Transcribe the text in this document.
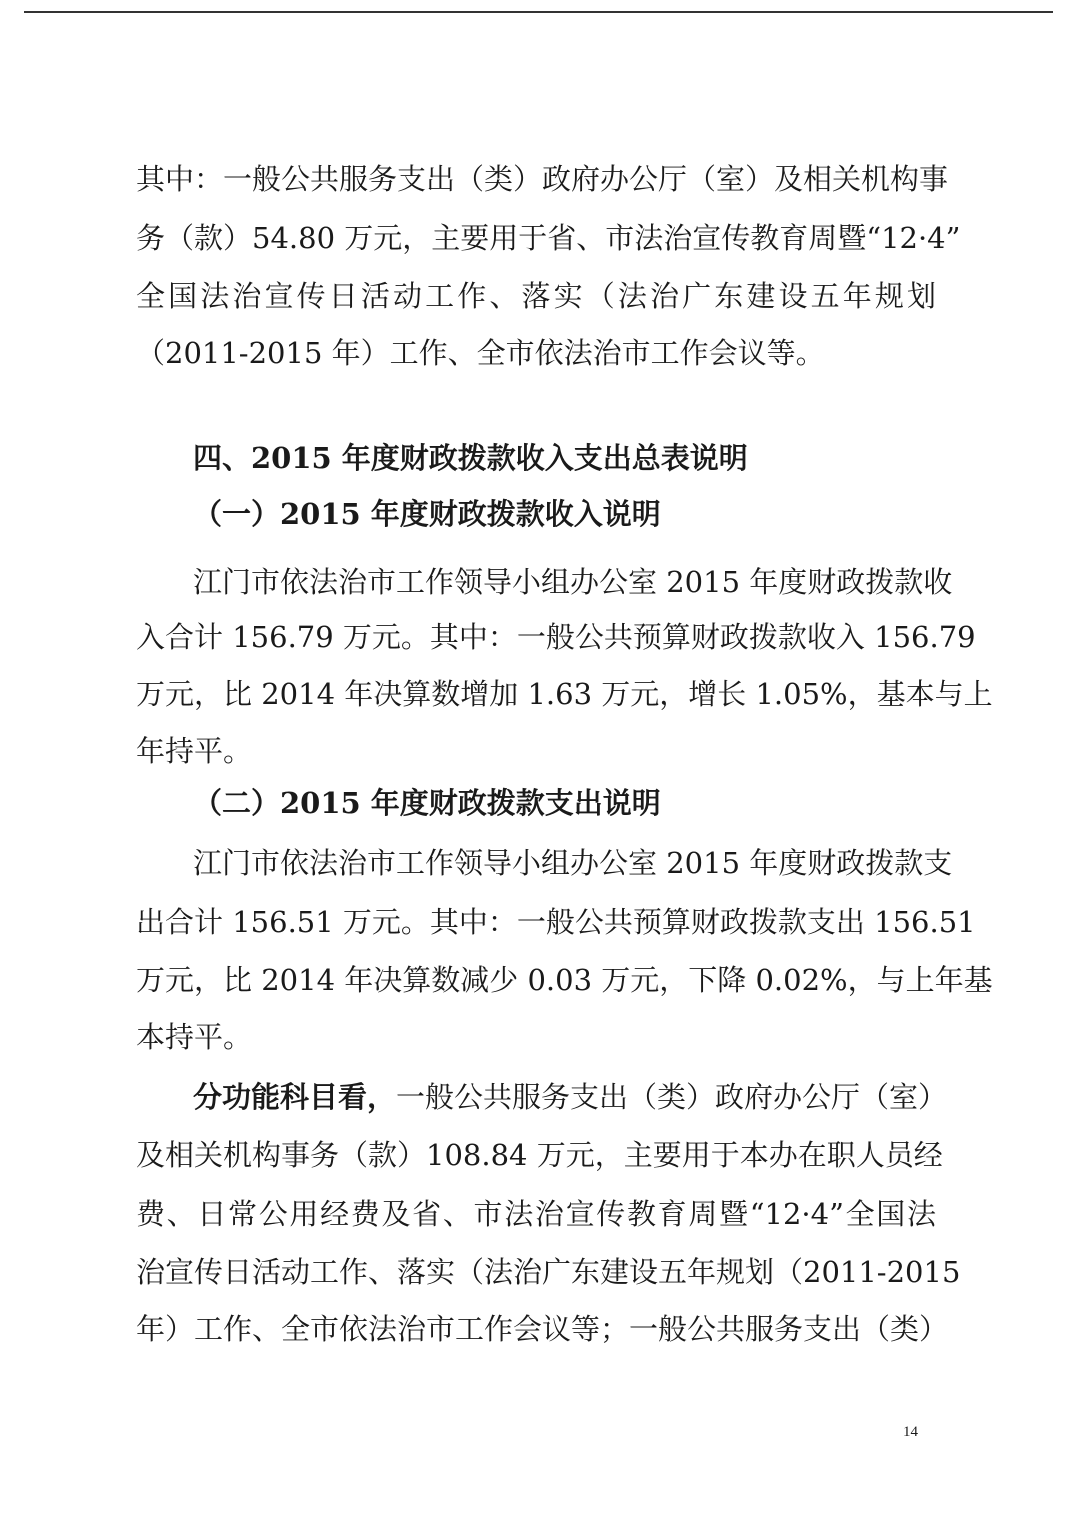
其中：一般公共服务支出（类）政府办公厅（室）及相关机构事
务（款）54.80 万元，主要用于省、市法治宣传教育周暨“12·4”
全国法治宣传日活动工作、落实（法治广东建设五年规划
（2011-2015 年）工作、全市依法治市工作会议等。
四、2015 年度财政拨款收入支出总表说明
（一）2015 年度财政拨款收入说明
江门市依法治市工作领导小组办公室 2015 年度财政拨款收
入合计 156.79 万元。其中：一般公共预算财政拨款收入 156.79
万元，比 2014 年决算数增加 1.63 万元，增长 1.05%，基本与上
年持平。
（二）2015 年度财政拨款支出说明
江门市依法治市工作领导小组办公室 2015 年度财政拨款支
出合计 156.51 万元。其中：一般公共预算财政拨款支出 156.51
万元，比 2014 年决算数减少 0.03 万元，下降 0.02%，与上年基
本持平。
分功能科目看， 一般公共服务支出（类）政府办公厅（室）
及相关机构事务（款）108.84 万元，主要用于本办在职人员经
费、日常公用经费及省、市法治宣传教育周暨“12·4”全国法
治宣传日活动工作、落实（法治广东建设五年规划（2011-2015
年）工作、全市依法治市工作会议等；一般公共服务支出（类）
14
